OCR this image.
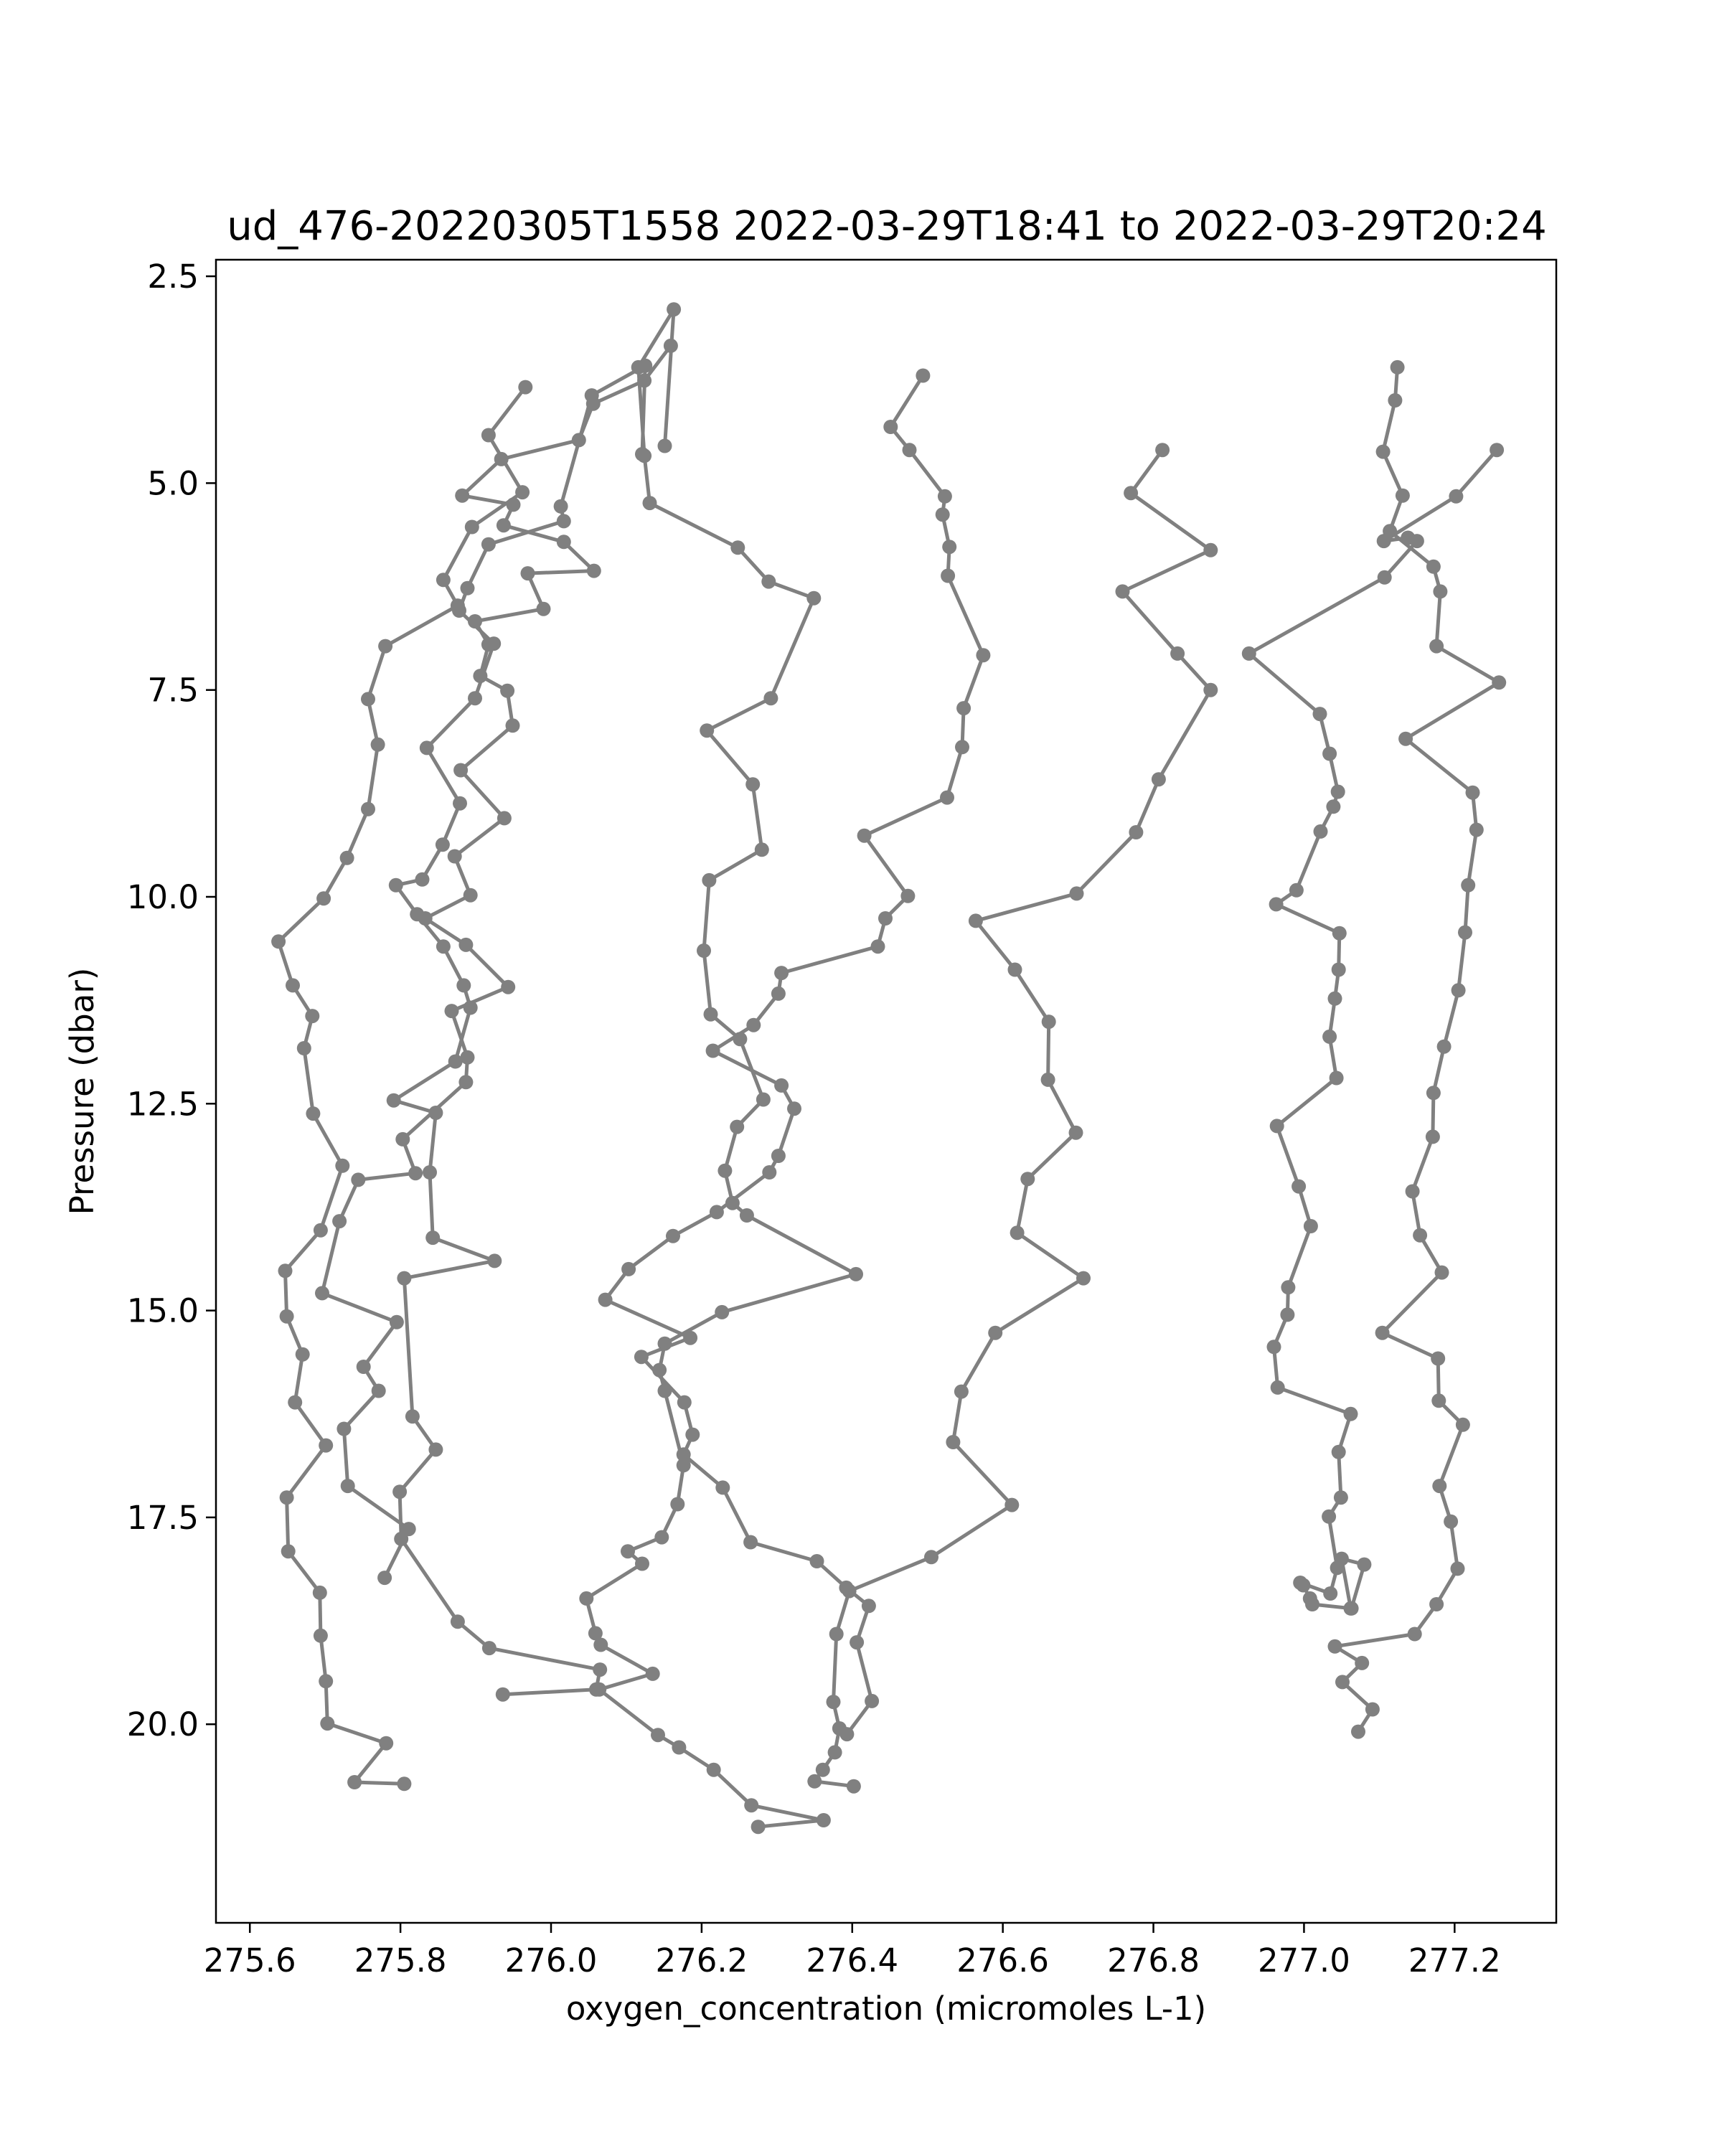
ud_476-20220305T1558 2022-03-29T18:41 to 2022-03-29T20:24
275.6 275.8 276.0 276.2 276.4 276.6 276.8 277.0 277.2
2.5
5.0
7.5
10.0
12.5
15.0
17.5
20.0
oxygen_concentration (micromoles L-1)
Pressure (dbar)
